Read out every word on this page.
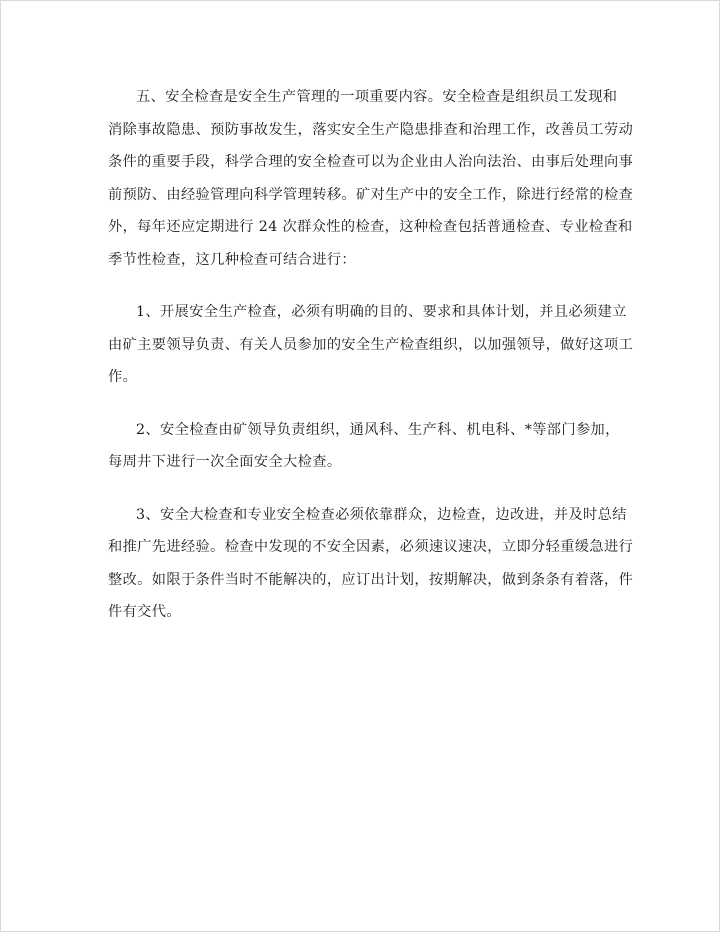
五、安全检查是安全生产管理的一项重要内容。安全检查是组织员工发现和
消除事故隐患、预防事故发生，落实安全生产隐患排查和治理工作，改善员工劳动
条件的重要手段，科学合理的安全检查可以为企业由人治向法治、由事后处理向事
前预防、由经验管理向科学管理转移。矿对生产中的安全工作，除进行经常的检查
外，每年还应定期进行 24 次群众性的检查，这种检查包括普通检查、专业检查和
季节性检查，这几种检查可结合进行：

1、开展安全生产检查，必须有明确的目的、要求和具体计划，并且必须建立
由矿主要领导负责、有关人员参加的安全生产检查组织，以加强领导，做好这项工
作。

2、安全检查由矿领导负责组织，通风科、生产科、机电科、*等部门参加，
每周井下进行一次全面安全大检查。

3、安全大检查和专业安全检查必须依靠群众，边检查，边改进，并及时总结
和推广先进经验。检查中发现的不安全因素，必须速议速决，立即分轻重缓急进行
整改。如限于条件当时不能解决的，应订出计划，按期解决，做到条条有着落，件
件有交代。
